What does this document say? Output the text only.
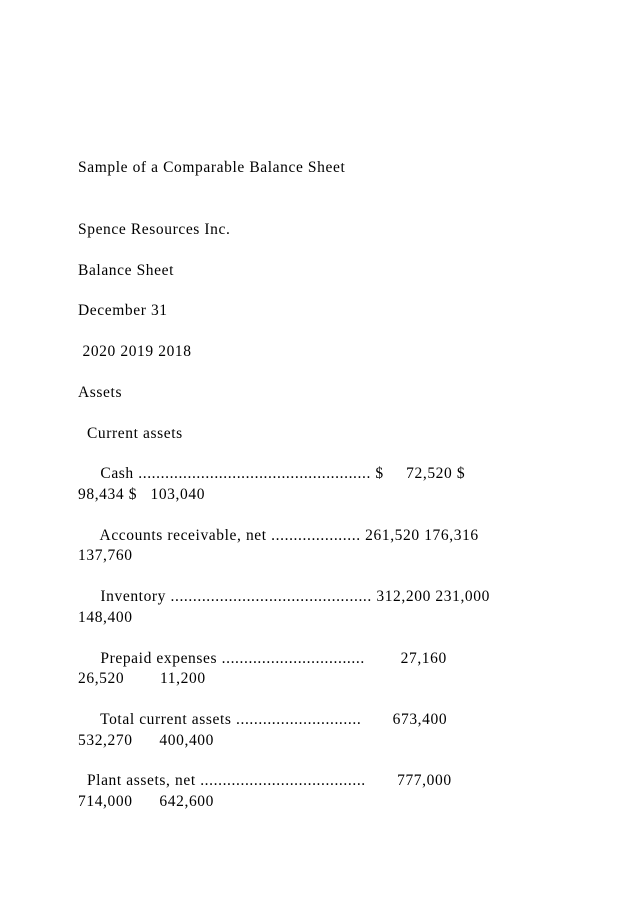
Sample of a Comparable Balance Sheet
Spence Resources Inc.
Balance Sheet
December 31
2020 2019 2018
Assets
Current assets
Cash .................................................... $     72,520 $
98,434 $   103,040
Accounts receivable, net .................... 261,520 176,316
137,760
Inventory ............................................. 312,200 231,000
148,400
Prepaid expenses ................................        27,160
26,520        11,200
Total current assets ............................       673,400
532,270      400,400
Plant assets, net .....................................       777,000
714,000      642,600
